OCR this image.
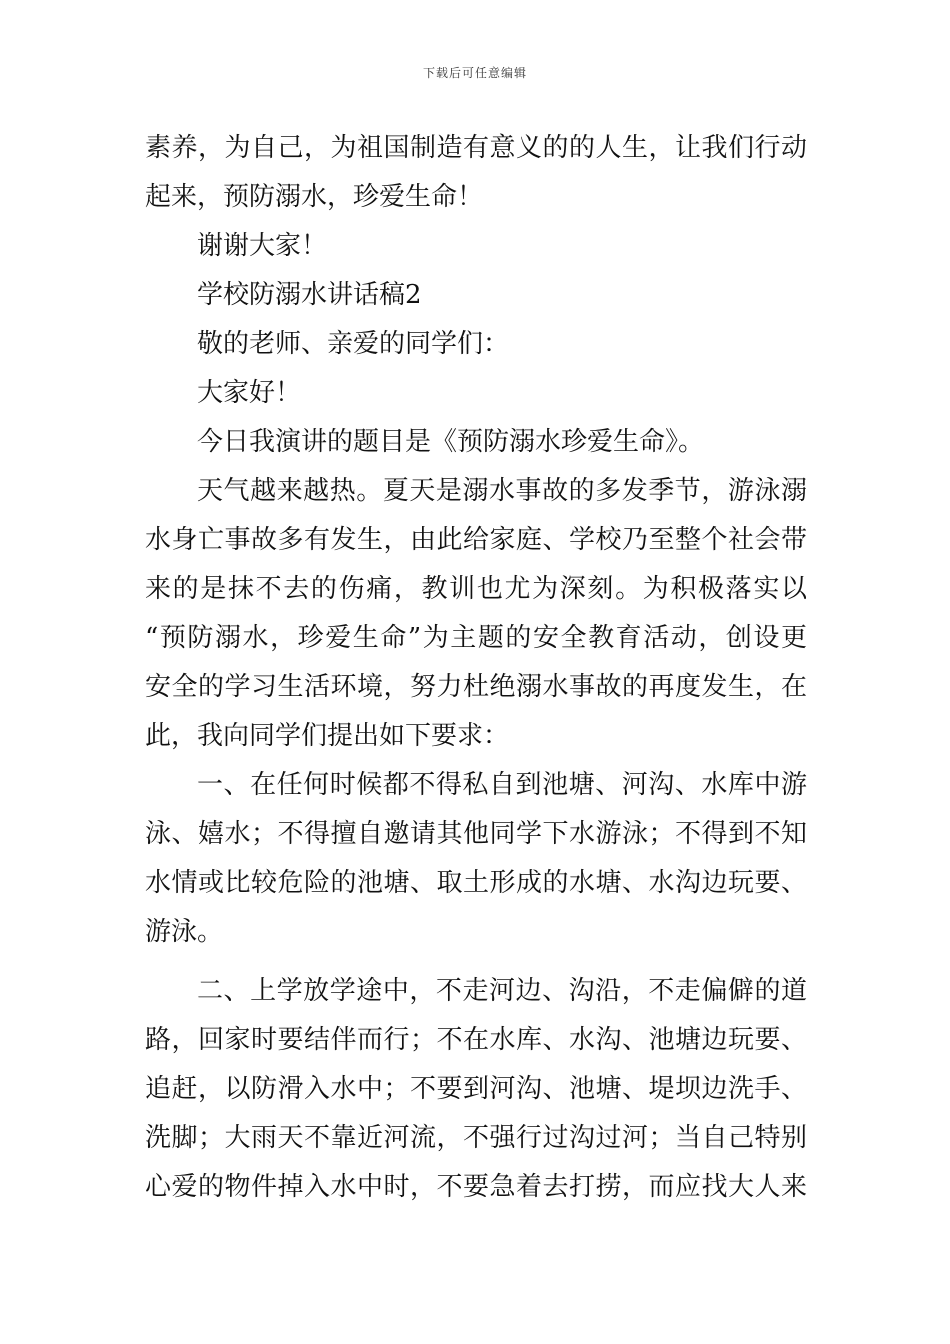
下载后可任意编辑
素养，为自己，为祖国制造有意义的的人生，让我们行动
起来，预防溺水，珍爱生命！
谢谢大家！
学校防溺水讲话稿2
敬的老师、亲爱的同学们：
大家好！
今日我演讲的题目是《预防溺水珍爱生命》。
天气越来越热。夏天是溺水事故的多发季节，游泳溺
水身亡事故多有发生，由此给家庭、学校乃至整个社会带
来的是抹不去的伤痛，教训也尤为深刻。为积极落实以
“预防溺水，珍爱生命”为主题的安全教育活动，创设更
安全的学习生活环境，努力杜绝溺水事故的再度发生，在
此，我向同学们提出如下要求：
一、在任何时候都不得私自到池塘、河沟、水库中游
泳、嬉水；不得擅自邀请其他同学下水游泳；不得到不知
水情或比较危险的池塘、取土形成的水塘、水沟边玩要、
游泳。
二、上学放学途中，不走河边、沟沿，不走偏僻的道
路，回家时要结伴而行；不在水库、水沟、池塘边玩要、
追赶，以防滑入水中；不要到河沟、池塘、堤坝边洗手、
洗脚；大雨天不靠近河流，不强行过沟过河；当自己特别
心爱的物件掉入水中时，不要急着去打捞，而应找大人来
